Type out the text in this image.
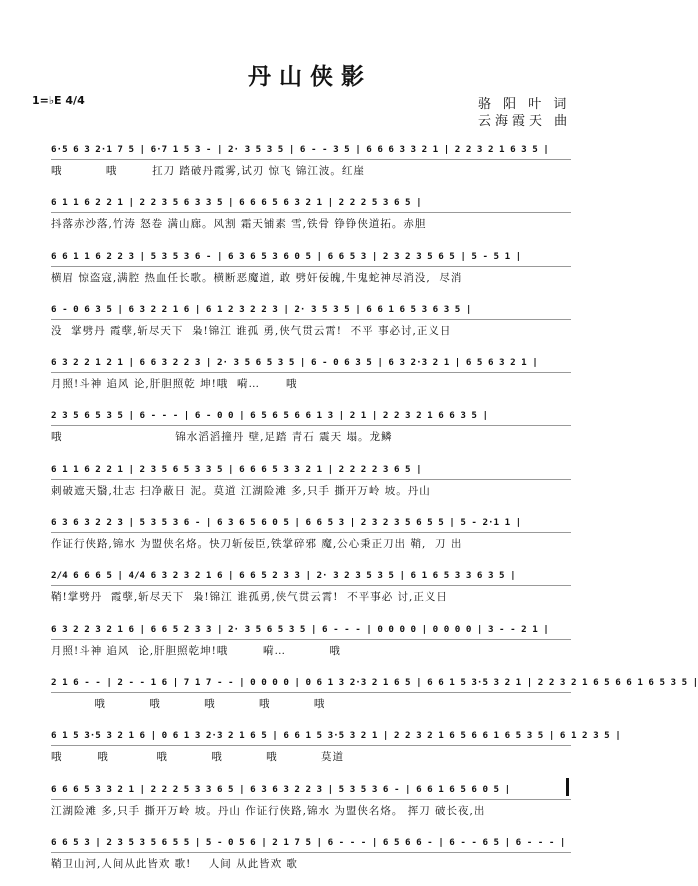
丹山侠影
1=♭E 4/4	骆 阳 叶 词
云海霞天 曲
6·5 6 3 2·1 7 5 | 6·7 1 5 3 - | 2· 3 5 3 5 | 6 - - 3 5 | 6 6 6 3 3 2 1 | 2 2 3 2 1 6 3 5 |
哦          哦        扛刀 踏破丹霞雾,试刃 惊飞 锦江波。红崖
6 1 1 6 2 2 1 | 2 2 3 5 6 3 3 5 | 6 6 6 5 6 3 2 1 | 2 2 2 5 3 6 5 |
抖落赤沙落,竹涛 怒卷 满山廊。风割 霜天铺素 雪,铁骨 铮铮侠道拓。赤胆
6 6 1 1 6 2 2 3 | 5 3 5 3 6 - | 6 3 6 5 3 6 0 5 | 6 6 5 3 | 2 3 2 3 5 6 5 | 5 - 5 1 |
横眉 惊盗寇,满腔 热血任长歌。横断恶魔道, 敢 劈奸佞魄,牛鬼蛇神尽消没,  尽消
6 - 0 6 3 5 | 6 3 2 2 1 6 | 6 1 2 3 2 2 3 | 2· 3 5 3 5 | 6 6 1 6 5 3 6 3 5 |
没  掌劈丹 霞孽,斩尽天下  枭!锦江 谁孤 勇,侠气贯云霄!  不平 事必讨,正义日
6 3 2 2 1 2 1 | 6 6 3 2 2 3 | 2· 3 5 6 5 3 5 | 6 - 0 6 3 5 | 6 3 2·3 2 1 | 6 5 6 3 2 1 |
月照!斗神 追风 论,肝胆照乾 坤!哦  嗬…      哦
2 3 5 6 5 3 5 | 6 - - - | 6 - 0 0 | 6 5 6 5 6 6 1 3 | 2 1 | 2 2 3 2 1 6 6 3 5 |
哦                          锦水滔滔撞丹 壁,足踏 青石 震天 塌。龙鳞
6 1 1 6 2 2 1 | 2 3 5 6 5 3 3 5 | 6 6 6 5 3 3 2 1 | 2 2 2 2 3 6 5 |
刺破遮天翳,壮志 扫净蔽日 泥。莫道 江湖险滩 多,只手 撕开万岭 坡。丹山
6 3 6 3 2 2 3 | 5 3 5 3 6 - | 6 3 6 5 6 0 5 | 6 6 5 3 | 2 3 2 3 5 6 5 5 | 5 - 2·1 1 |
作证行侠路,锦水 为盟侠名烙。快刀斩佞臣,铁掌碎邪 魔,公心秉正刀出 鞘,  刀 出
2/4 6 6 6 5 | 4/4 6 3 2 3 2 1 6 | 6 6 5 2 3 3 | 2· 3 2 3 5 3 5 | 6 1 6 5 3 3 6 3 5 |
鞘!掌劈丹  霞孽,斩尽天下  枭!锦江 谁孤勇,侠气贯云霄!  不平事必 讨,正义日
6 3 2 2 3 2 1 6 | 6 6 5 2 3 3 | 2· 3 5 6 5 3 5 | 6 - - - | 0 0 0 0 | 0 0 0 0 | 3 - - 2 1 |
月照!斗神 追风  论,肝胆照乾坤!哦        嗬…          哦
2 1 6 - - | 2 - - 1 6 | 7 1 7 - - | 0 0 0 0 | 0 6 1 3 2·3 2 1 6 5 | 6 6 1 5 3·5 3 2 1 | 2 2 3 2 1 6 5 6 6 1 6 5 3 5 |
哦          哦          哦          哦          哦
6 1 5 3·5 3 2 1 6 | 0 6 1 3 2·3 2 1 6 5 | 6 6 1 5 3·5 3 2 1 | 2 2 3 2 1 6 5 6 6 1 6 5 3 5 | 6 1 2 3 5 |
哦        哦           哦          哦          哦          莫道
6 6 6 5 3 3 2 1 | 2 2 2 5 3 3 6 5 | 6 3 6 3 2 2 3 | 5 3 5 3 6 - | 6 6 1 6 5 6 0 5 |
江湖险滩 多,只手 撕开万岭 坡。丹山 作证行侠路,锦水 为盟侠名烙。 挥刀 破长夜,出
6 6 5 3 | 2 3 5 3 5 6 5 5 | 5 - 0 5 6 | 2 1 7 5 | 6 - - - | 6 5 6 6 - | 6 - - 6 5 | 6 - - - |
鞘卫山河,人间从此皆欢 歌!    人间 从此皆欢 歌
